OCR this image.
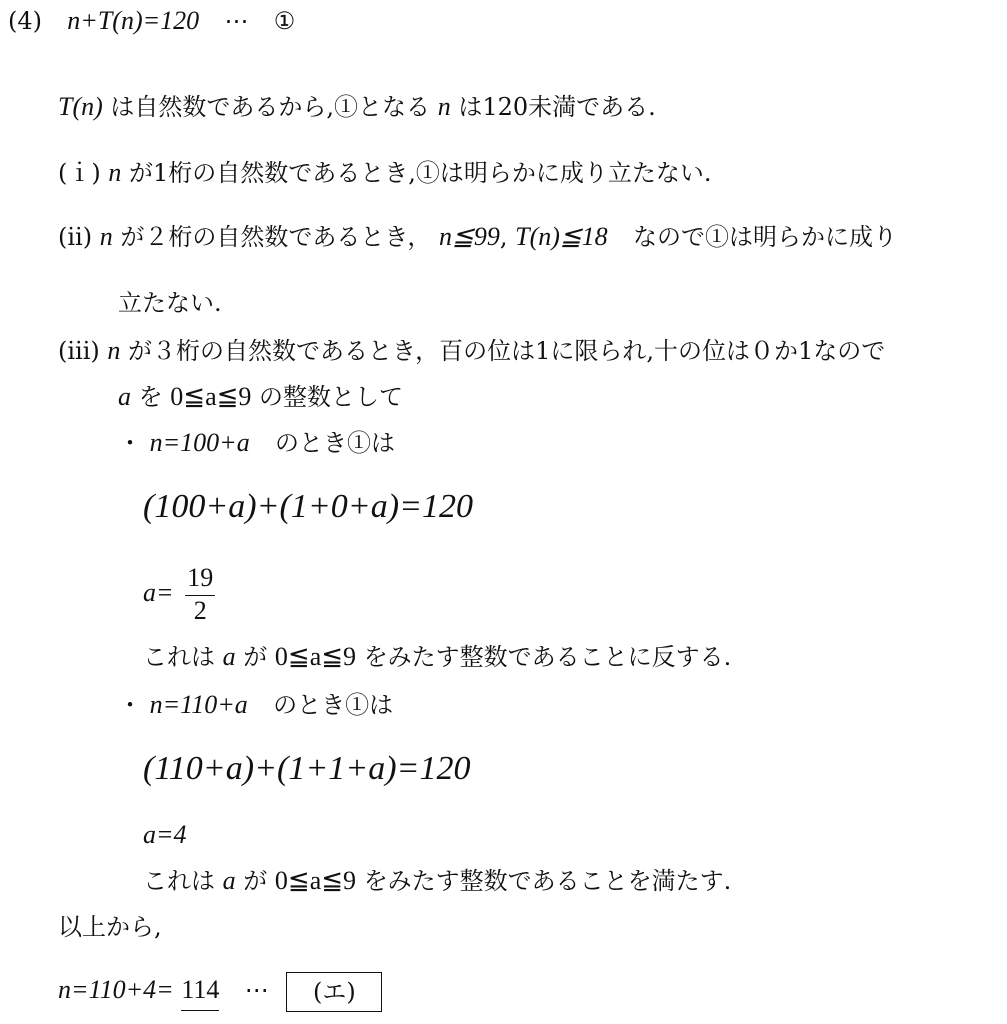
(4) n+T(n)=120 ⋯ ①
T(n) は自然数であるから,①となる n は120未満である.
(ｉ) n が1桁の自然数であるとき,①は明らかに成り立たない.
(ⅱ) n が２桁の自然数であるとき， n≦99, T(n)≦18 なので①は明らかに成り
立たない.
(ⅲ) n が３桁の自然数であるとき，百の位は1に限られ,十の位は０か1なので
a を 0≦a≦9 の整数として
・ n=100+a のとき①は
(100+a)+(1+0+a)=120
$a= \frac{19}{2}$
これは a が 0≦a≦9 をみたす整数であることに反する.
・ n=110+a のとき①は
(110+a)+(1+1+a)=120
a=4
これは a が 0≦a≦9 をみたす整数であることを満たす.
以上から,
n=110+4= 114 ⋯ (エ)
